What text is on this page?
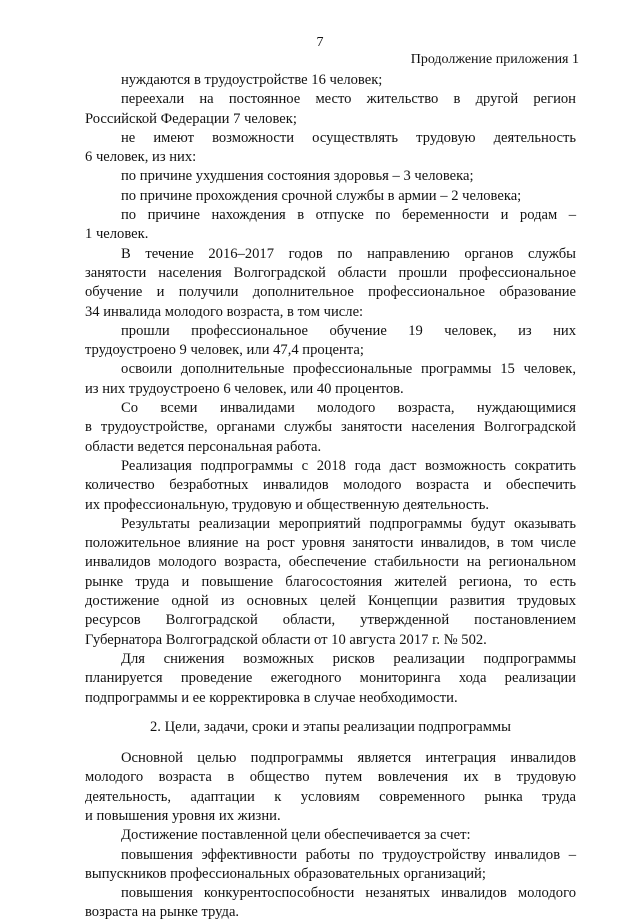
7
Продолжение приложения 1
нуждаются в трудоустройстве 16 человек;
переехали на постоянное место жительство в другой регион
Российской Федерации 7 человек;
не имеют возможности осуществлять трудовую деятельность
6 человек, из них:
по причине ухудшения состояния здоровья – 3 человека;
по причине прохождения срочной службы в армии – 2 человека;
по причине нахождения в отпуске по беременности и родам –
1 человек.
В течение 2016–2017 годов по направлению органов службы
занятости населения Волгоградской области прошли профессиональное
обучение и получили дополнительное профессиональное образование
34 инвалида молодого возраста, в том числе:
прошли профессиональное обучение 19 человек, из них
трудоустроено 9 человек, или 47,4 процента;
освоили дополнительные профессиональные программы 15 человек,
из них трудоустроено 6 человек, или 40 процентов.
Со всеми инвалидами молодого возраста, нуждающимися
в трудоустройстве, органами службы занятости населения Волгоградской
области ведется персональная работа.
Реализация подпрограммы с 2018 года даст возможность сократить
количество безработных инвалидов молодого возраста и обеспечить
их профессиональную, трудовую и общественную деятельность.
Результаты реализации мероприятий подпрограммы будут оказывать
положительное влияние на рост уровня занятости инвалидов, в том числе
инвалидов молодого возраста, обеспечение стабильности на региональном
рынке труда и повышение благосостояния жителей региона, то есть
достижение одной из основных целей Концепции развития трудовых
ресурсов Волгоградской области, утвержденной постановлением
Губернатора Волгоградской области от 10 августа 2017 г. № 502.
Для снижения возможных рисков реализации подпрограммы
планируется проведение ежегодного мониторинга хода реализации
подпрограммы и ее корректировка в случае необходимости.
2. Цели, задачи, сроки и этапы реализации подпрограммы
Основной целью подпрограммы является интеграция инвалидов
молодого возраста в общество путем вовлечения их в трудовую
деятельность, адаптации к условиям современного рынка труда
и повышения уровня их жизни.
Достижение поставленной цели обеспечивается за счет:
повышения эффективности работы по трудоустройству инвалидов –
выпускников профессиональных образовательных организаций;
повышения конкурентоспособности незанятых инвалидов молодого
возраста на рынке труда.
